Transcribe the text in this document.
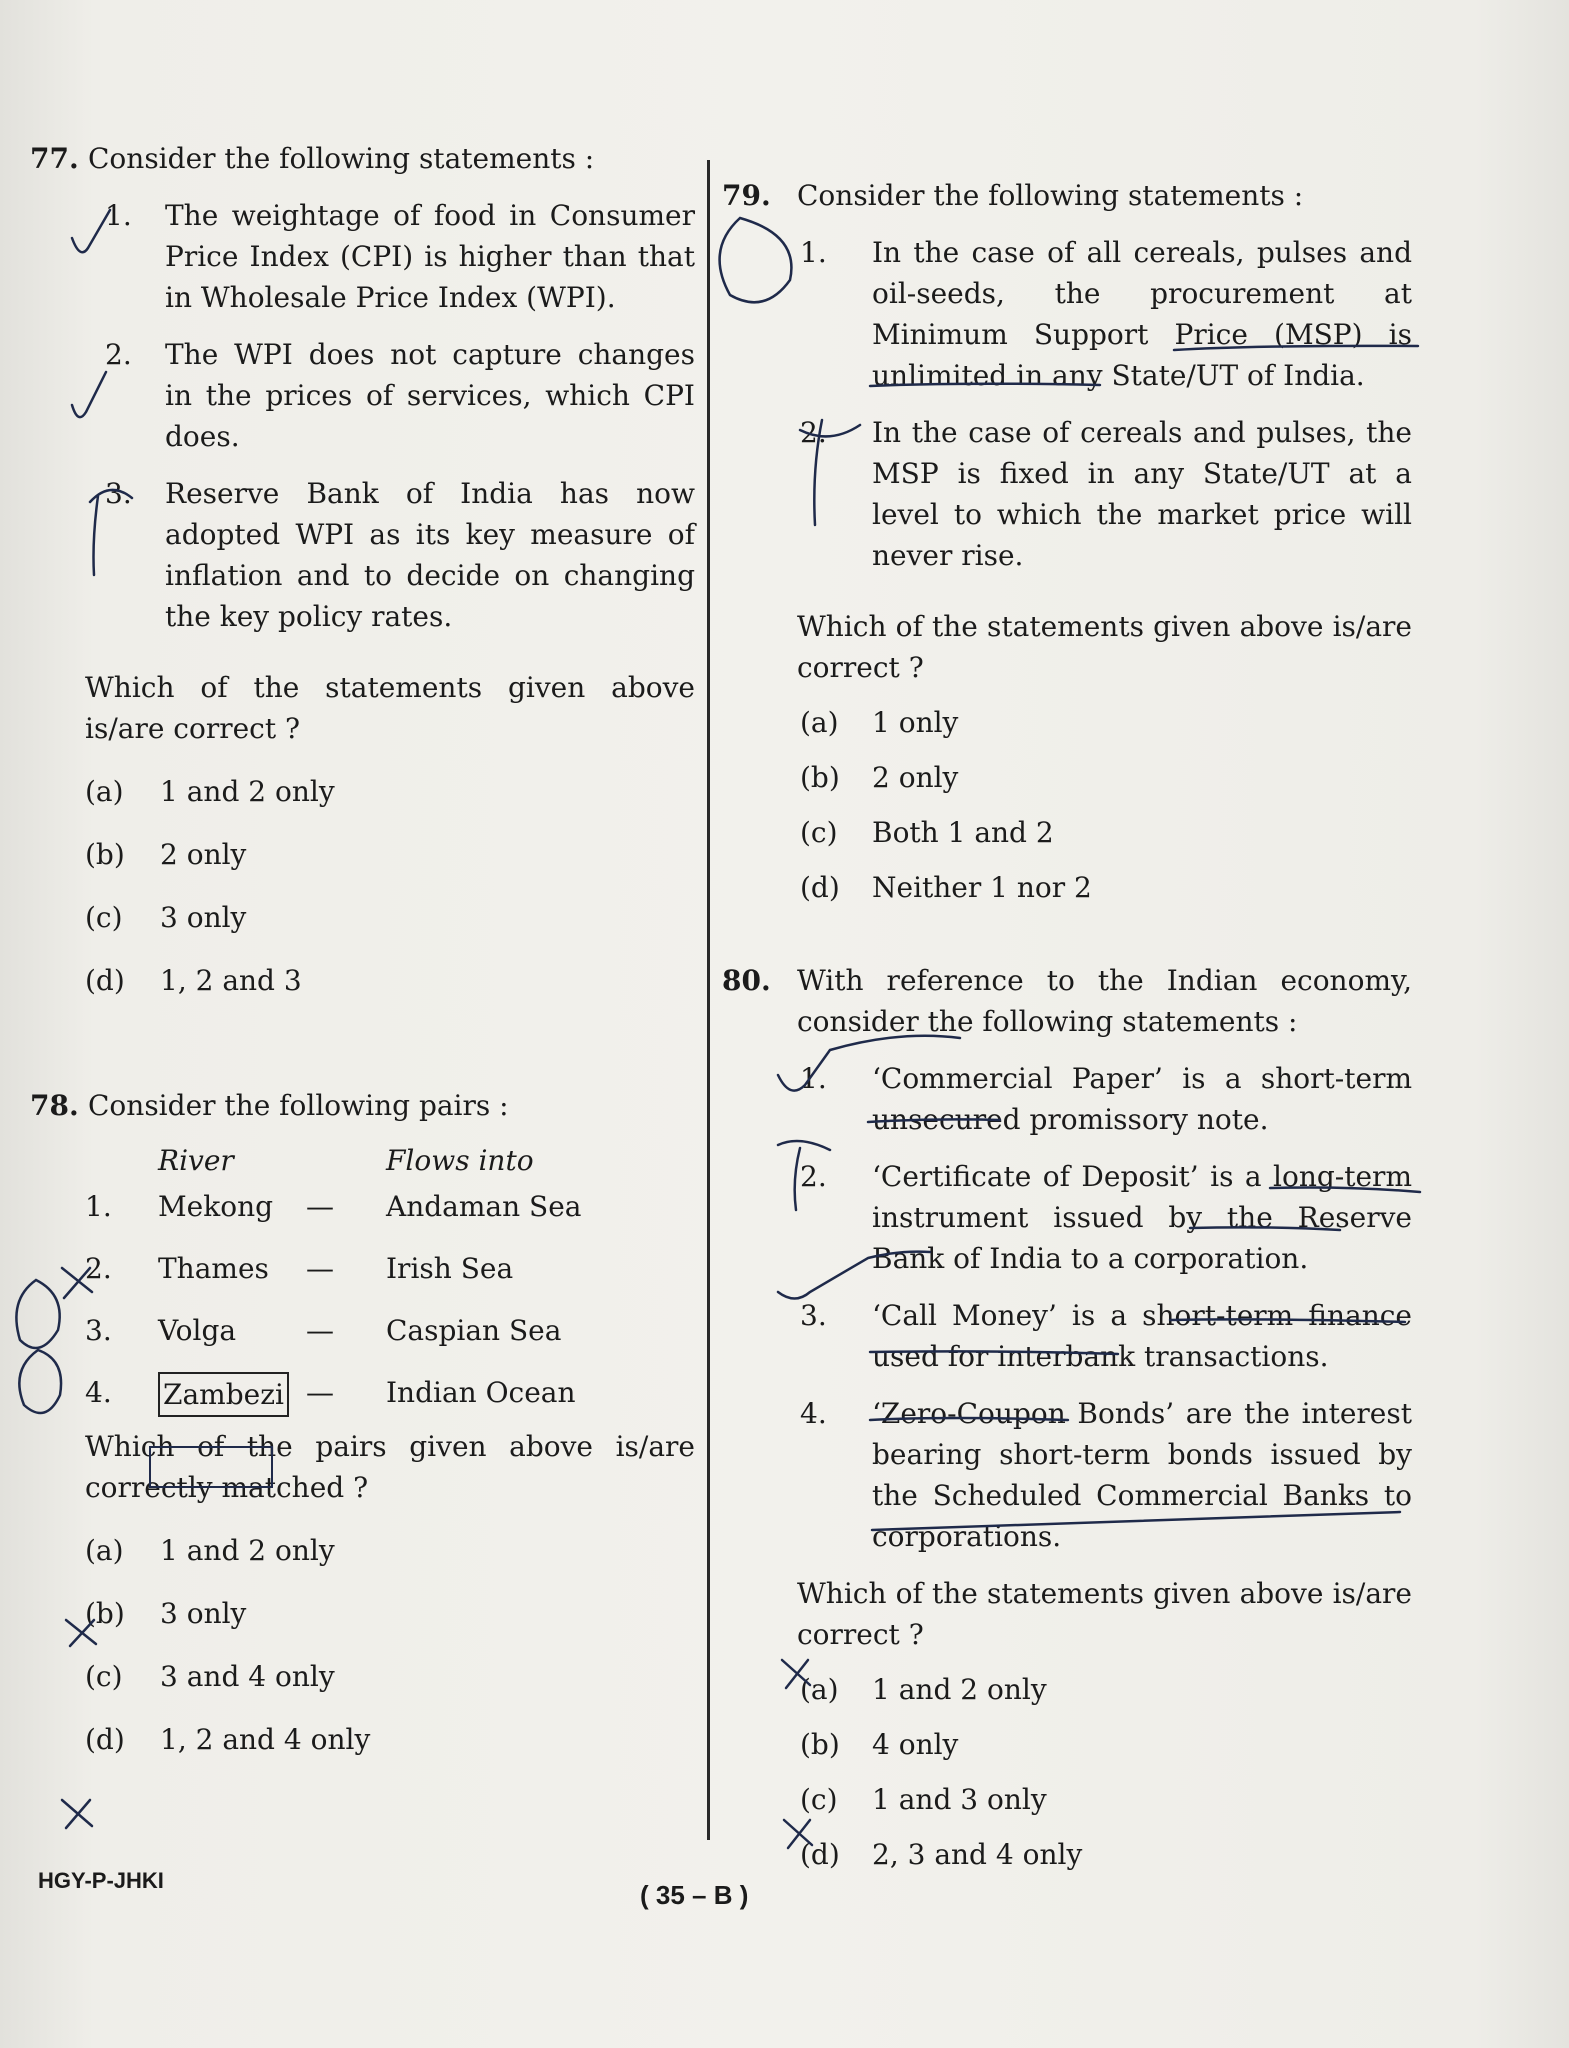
77. Consider the following statements :
1. The weightage of food in Consumer Price Index (CPI) is higher than that in Wholesale Price Index (WPI).
2. The WPI does not capture changes in the prices of services, which CPI does.
3. Reserve Bank of India has now adopted WPI as its key measure of inflation and to decide on changing the key policy rates.
Which of the statements given above is/are correct ?
(a) 1 and 2 only
(b) 2 only
(c) 3 only
(d) 1, 2 and 3
78. Consider the following pairs :
River	Flows into
1. Mekong — Andaman Sea
2. Thames — Irish Sea
3. Volga — Caspian Sea
4. Zambezi — Indian Ocean
Which of the pairs given above is/are correctly matched ?
(a) 1 and 2 only
(b) 3 only
(c) 3 and 4 only
(d) 1, 2 and 4 only
79. Consider the following statements :
1. In the case of all cereals, pulses and oil-seeds, the procurement at Minimum Support Price (MSP) is unlimited in any State/UT of India.
2. In the case of cereals and pulses, the MSP is fixed in any State/UT at a level to which the market price will never rise.
Which of the statements given above is/are correct ?
(a) 1 only
(b) 2 only
(c) Both 1 and 2
(d) Neither 1 nor 2
80. With reference to the Indian economy, consider the following statements :
1. ‘Commercial Paper’ is a short-term unsecured promissory note.
2. ‘Certificate of Deposit’ is a long-term instrument issued by the Reserve Bank of India to a corporation.
3. ‘Call Money’ is a short-term finance used for interbank transactions.
4. ‘Zero-Coupon Bonds’ are the interest bearing short-term bonds issued by the Scheduled Commercial Banks to corporations.
Which of the statements given above is/are correct ?
(a) 1 and 2 only
(b) 4 only
(c) 1 and 3 only
(d) 2, 3 and 4 only
HGY-P-JHKI	( 35 – B )
